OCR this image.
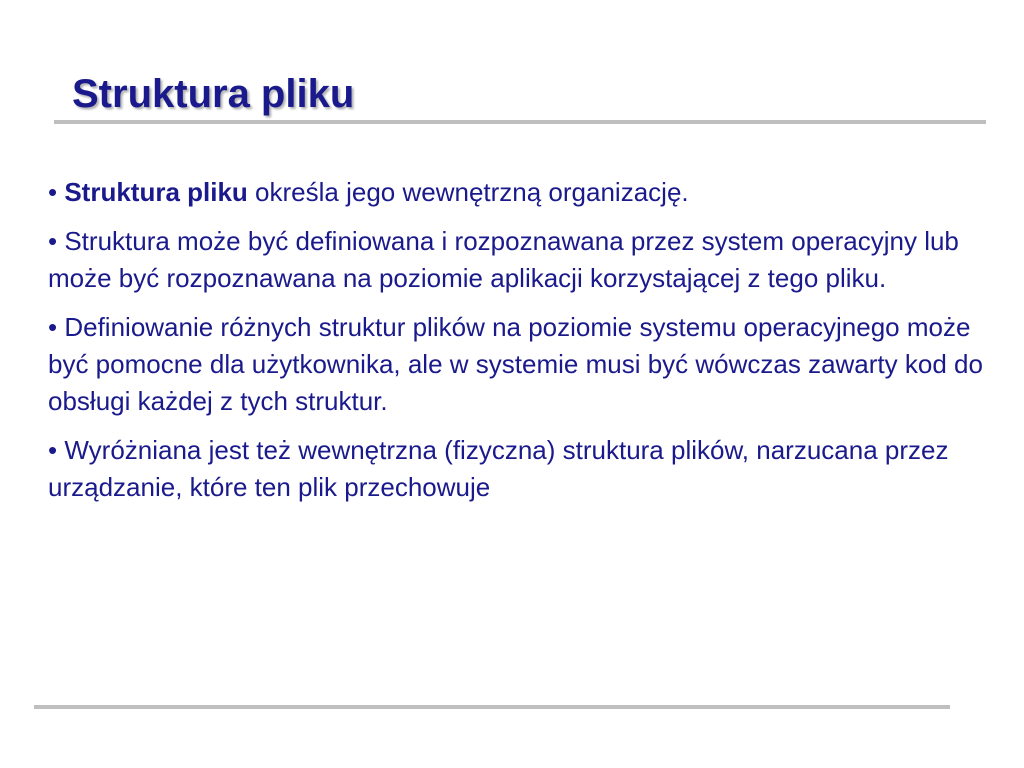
Struktura pliku
• Struktura pliku określa jego wewnętrzną organizację.
• Struktura może być definiowana i rozpoznawana przez system operacyjny lub może być rozpoznawana na poziomie aplikacji korzystającej z tego pliku.
• Definiowanie różnych struktur plików na poziomie systemu operacyjnego może być pomocne dla użytkownika, ale w systemie musi być wówczas zawarty kod do obsługi każdej z tych struktur.
• Wyróżniana jest też wewnętrzna (fizyczna) struktura plików, narzucana przez urządzanie, które ten plik przechowuje
